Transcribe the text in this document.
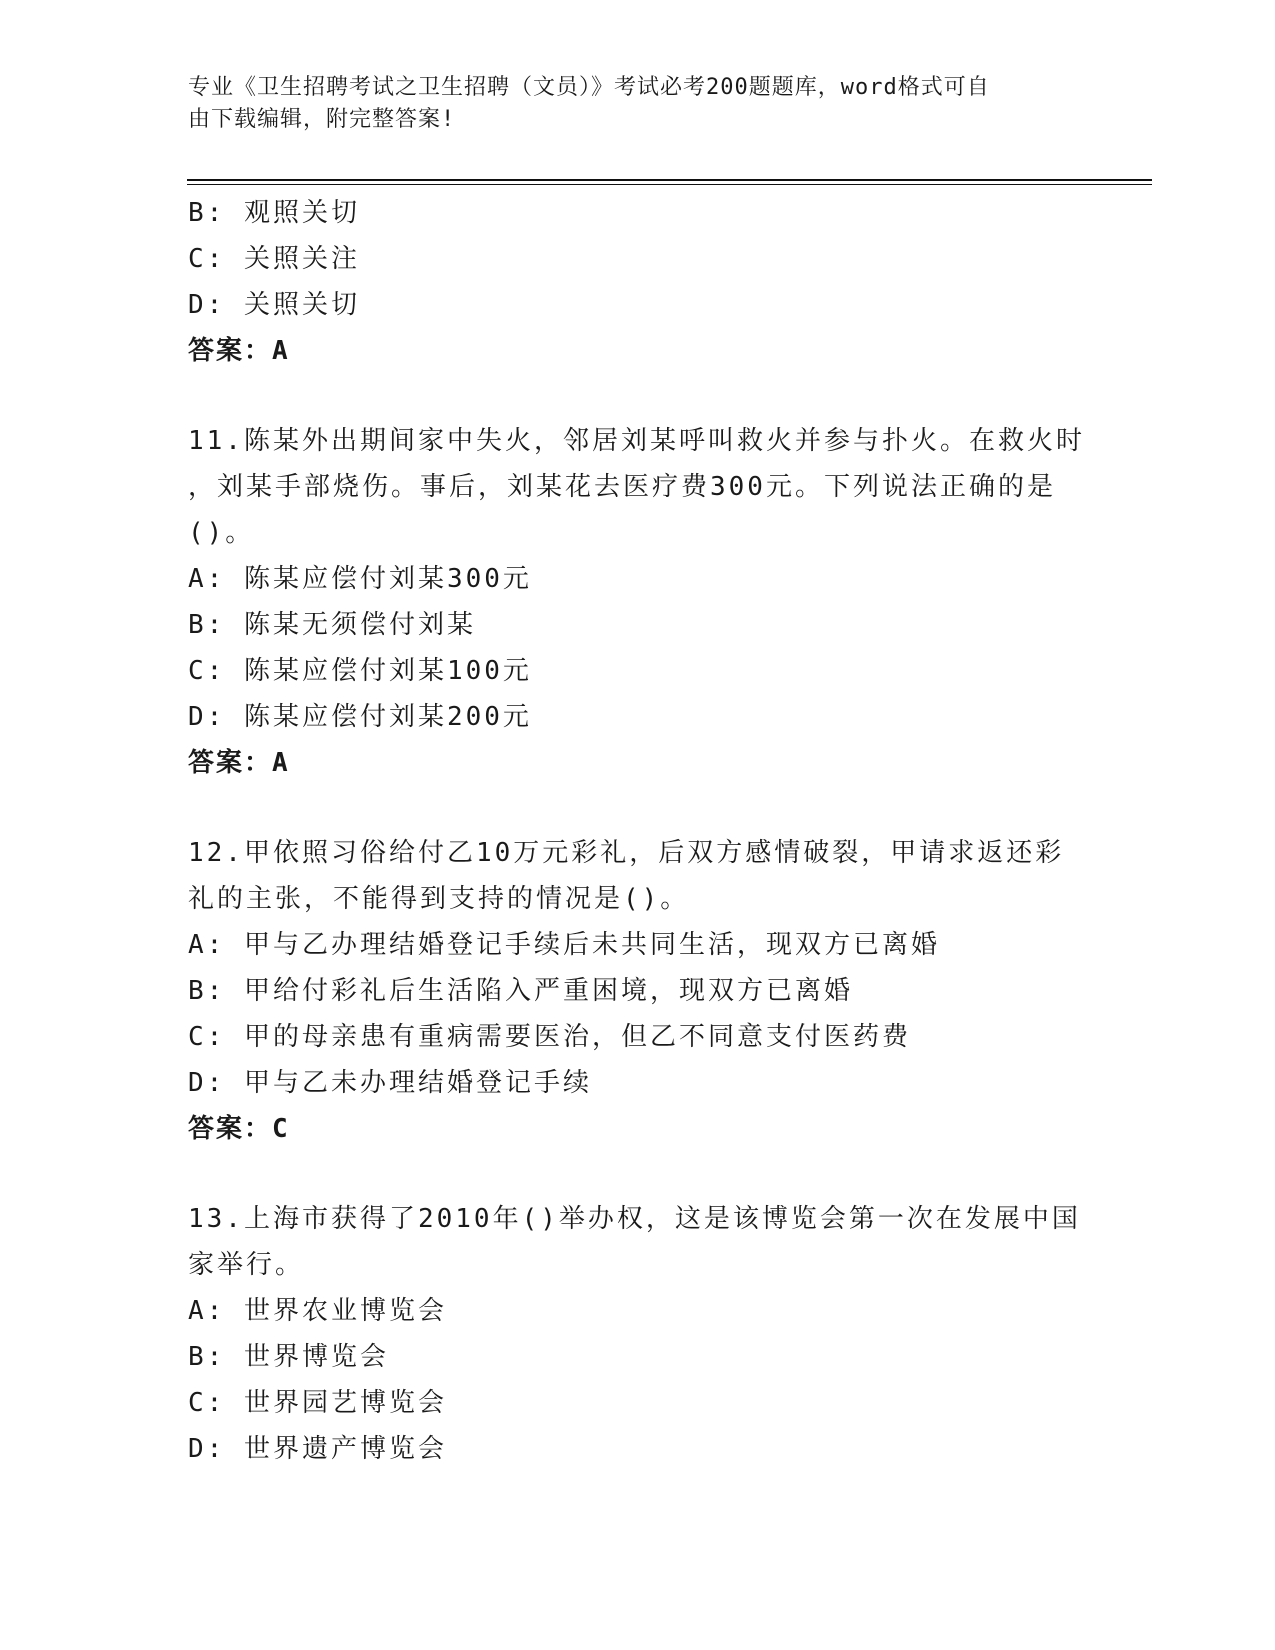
专业《卫生招聘考试之卫生招聘（文员）》考试必考200题题库，word格式可自
由下载编辑，附完整答案!
B: 观照关切
C: 关照关注
D: 关照关切
答案：A
11.陈某外出期间家中失火，邻居刘某呼叫救火并参与扑火。在救火时
，刘某手部烧伤。事后，刘某花去医疗费300元。下列说法正确的是
()。
A: 陈某应偿付刘某300元
B: 陈某无须偿付刘某
C: 陈某应偿付刘某100元
D: 陈某应偿付刘某200元
答案：A
12.甲依照习俗给付乙10万元彩礼，后双方感情破裂，甲请求返还彩
礼的主张，不能得到支持的情况是()。
A: 甲与乙办理结婚登记手续后未共同生活，现双方已离婚
B: 甲给付彩礼后生活陷入严重困境，现双方已离婚
C: 甲的母亲患有重病需要医治，但乙不同意支付医药费
D: 甲与乙未办理结婚登记手续
答案：C
13.上海市获得了2010年()举办权，这是该博览会第一次在发展中国
家举行。
A: 世界农业博览会
B: 世界博览会
C: 世界园艺博览会
D: 世界遗产博览会
